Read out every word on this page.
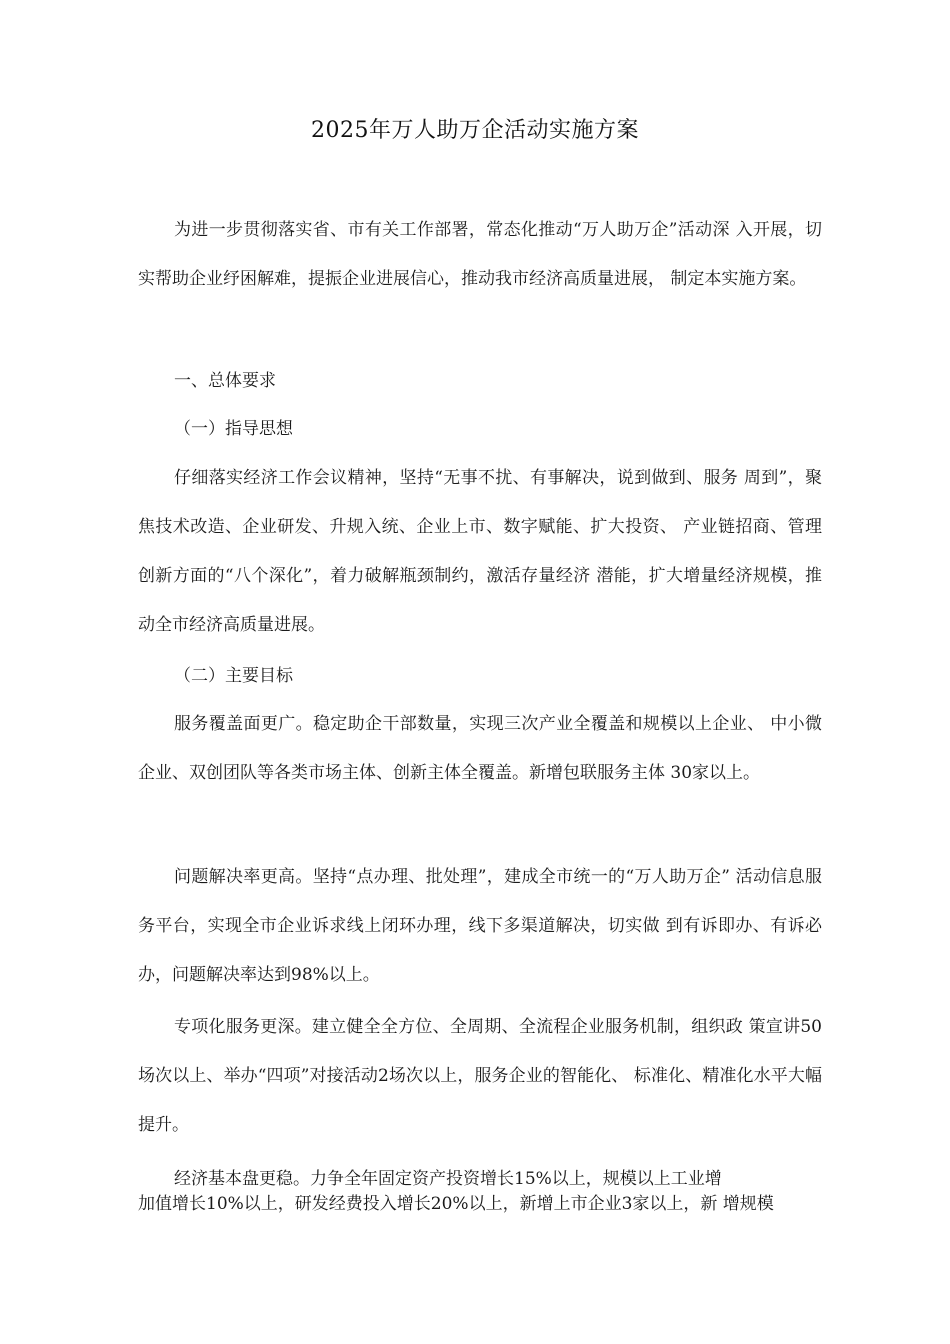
2025年万人助万企活动实施方案

为进一步贯彻落实省、市有关工作部署，常态化推动“万人助万企”活动深 入开展，切实帮助企业纾困解难，提振企业进展信心，推动我市经济高质量进展， 制定本实施方案。

一、总体要求

（一）指导思想

仔细落实经济工作会议精神，坚持“无事不扰、有事解决，说到做到、服务 周到”，聚焦技术改造、企业研发、升规入统、企业上市、数字赋能、扩大投资、 产业链招商、管理创新方面的“八个深化”，着力破解瓶颈制约，激活存量经济 潜能，扩大增量经济规模，推动全市经济高质量进展。

（二）主要目标

服务覆盖面更广。稳定助企干部数量，实现三次产业全覆盖和规模以上企业、 中小微企业、双创团队等各类市场主体、创新主体全覆盖。新增包联服务主体 30家以上。

问题解决率更高。坚持“点办理、批处理”，建成全市统一的“万人助万企” 活动信息服务平台，实现全市企业诉求线上闭环办理，线下多渠道解决，切实做 到有诉即办、有诉必办，问题解决率达到98%以上。

专项化服务更深。建立健全全方位、全周期、全流程企业服务机制，组织政 策宣讲50场次以上、举办“四项”对接活动2场次以上，服务企业的智能化、 标准化、精准化水平大幅提升。

经济基本盘更稳。力争全年固定资产投资增长15%以上，规模以上工业增

加值增长10%以上，研发经费投入增长20%以上，新增上市企业3家以上，新 增规模
